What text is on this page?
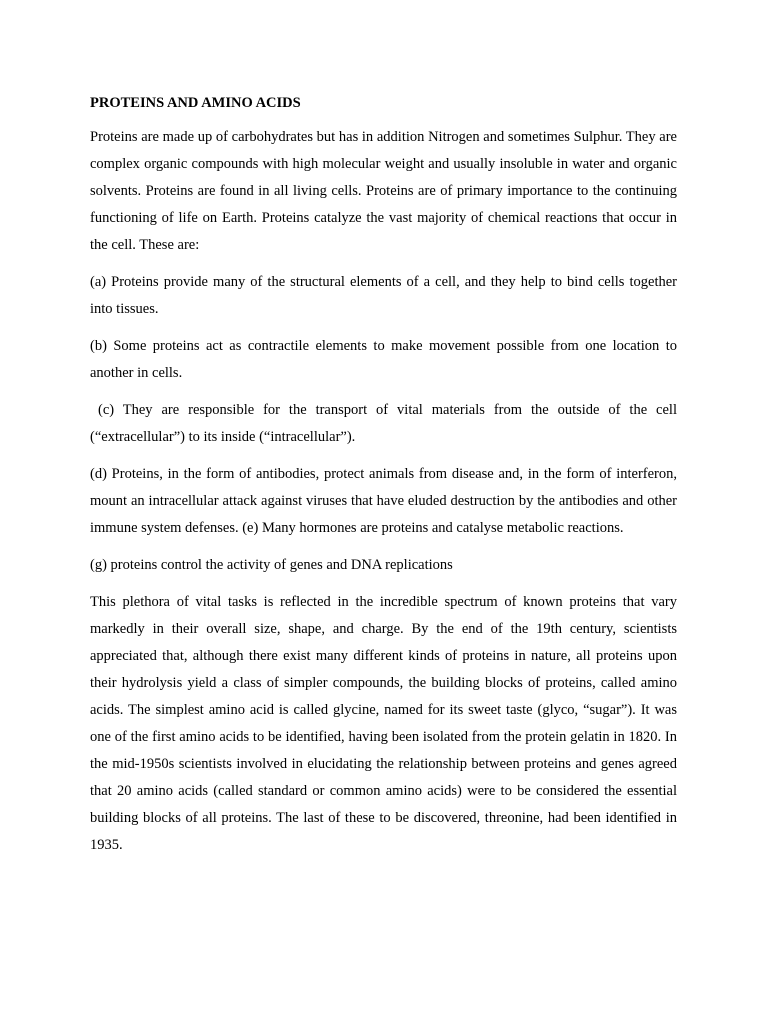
PROTEINS AND AMINO ACIDS

Proteins are made up of carbohydrates but has in addition Nitrogen and sometimes Sulphur. They are complex organic compounds with high molecular weight and usually insoluble in water and organic solvents. Proteins are found in all living cells. Proteins are of primary importance to the continuing functioning of life on Earth. Proteins catalyze the vast majority of chemical reactions that occur in the cell. These are:

(a) Proteins provide many of the structural elements of a cell, and they help to bind cells together into tissues.

(b) Some proteins act as contractile elements to make movement possible from one location to another in cells.

(c) They are responsible for the transport of vital materials from the outside of the cell (“extracellular”) to its inside (“intracellular”).

(d) Proteins, in the form of antibodies, protect animals from disease and, in the form of interferon, mount an intracellular attack against viruses that have eluded destruction by the antibodies and other immune system defenses. (e) Many hormones are proteins and catalyse metabolic reactions.

(g) proteins control the activity of genes and DNA replications

This plethora of vital tasks is reflected in the incredible spectrum of known proteins that vary markedly in their overall size, shape, and charge. By the end of the 19th century, scientists appreciated that, although there exist many different kinds of proteins in nature, all proteins upon their hydrolysis yield a class of simpler compounds, the building blocks of proteins, called amino acids. The simplest amino acid is called glycine, named for its sweet taste (glyco, “sugar”). It was one of the first amino acids to be identified, having been isolated from the protein gelatin in 1820. In the mid-1950s scientists involved in elucidating the relationship between proteins and genes agreed that 20 amino acids (called standard or common amino acids) were to be considered the essential building blocks of all proteins. The last of these to be discovered, threonine, had been identified in 1935.
